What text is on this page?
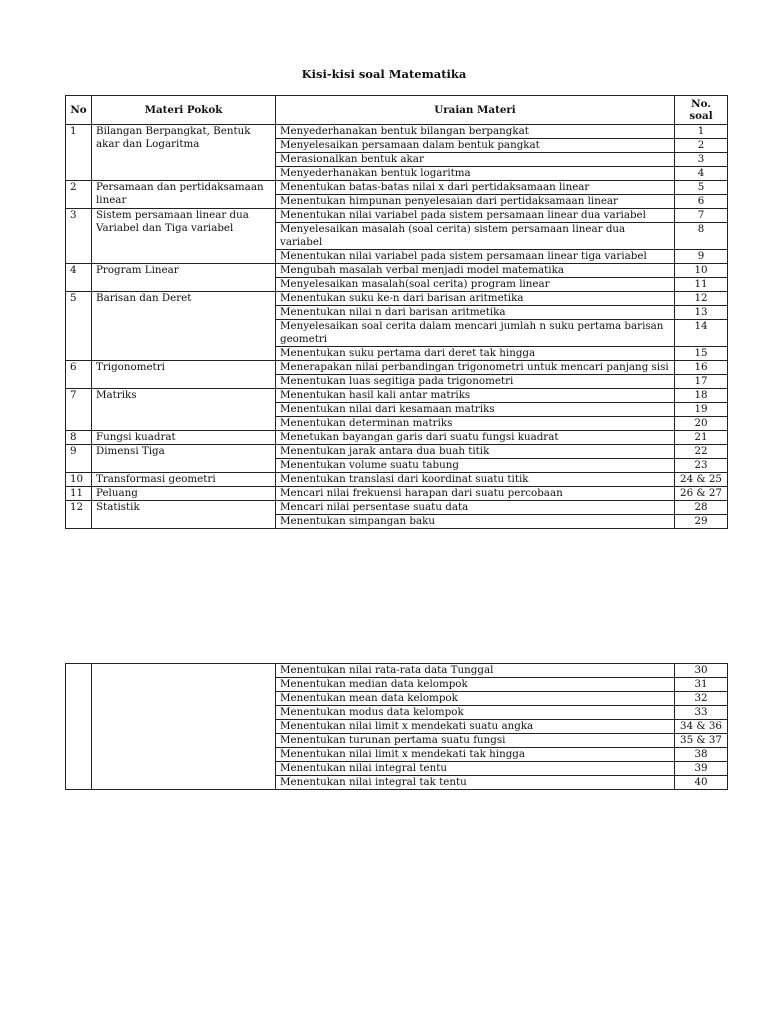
Kisi-kisi soal Matematika
No	Materi Pokok	Uraian Materi	No.
soal
1	Bilangan Berpangkat, Bentuk akar dan Logaritma	Menyederhanakan bentuk bilangan berpangkat	1
		Menyelesaikan persamaan dalam bentuk pangkat	2
		Merasionalkan bentuk akar	3
		Menyederhanakan bentuk logaritma	4
2	Persamaan dan pertidaksamaan linear	Menentukan batas-batas nilai x dari pertidaksamaan linear	5
		Menentukan himpunan penyelesaian dari pertidaksamaan linear	6
3	Sistem persamaan linear dua Variabel dan Tiga variabel	Menentukan nilai variabel pada sistem persamaan linear dua variabel	7
		Menyelesaikan masalah (soal cerita) sistem persamaan linear dua variabel	8
		Menentukan nilai variabel pada sistem persamaan linear tiga variabel	9
4	Program Linear	Mengubah masalah verbal menjadi model matematika	10
		Menyelesaikan masalah(soal cerita) program linear	11
5	Barisan dan Deret	Menentukan suku ke-n dari barisan aritmetika	12
		Menentukan nilai n dari barisan aritmetika	13
		Menyelesaikan soal cerita dalam mencari jumlah n suku pertama barisan geometri	14
		Menentukan suku pertama dari deret tak hingga	15
6	Trigonometri	Menerapakan nilai perbandingan trigonometri untuk mencari panjang sisi	16
		Menentukan luas segitiga pada trigonometri	17
7	Matriks	Menentukan hasil kali antar matriks	18
		Menentukan nilai dari kesamaan matriks	19
		Menentukan determinan matriks	20
8	Fungsi kuadrat	Menetukan bayangan garis dari suatu fungsi kuadrat	21
9	Dimensi Tiga	Menentukan jarak antara dua buah titik	22
		Menentukan volume suatu tabung	23
10	Transformasi geometri	Menentukan translasi dari koordinat suatu titik	24 & 25
11	Peluang	Mencari nilai frekuensi harapan dari suatu percobaan	26 & 27
12	Statistik	Mencari nilai persentase suatu data	28
		Menentukan simpangan baku	29
		Menentukan nilai rata-rata data Tunggal	30
		Menentukan median data kelompok	31
		Menentukan mean data kelompok	32
		Menentukan modus data kelompok	33
		Menentukan nilai limit x mendekati suatu angka	34 & 36
		Menentukan turunan pertama suatu fungsi	35 & 37
		Menentukan nilai limit x mendekati tak hingga	38
		Menentukan nilai integral tentu	39
		Menentukan nilai integral tak tentu	40
